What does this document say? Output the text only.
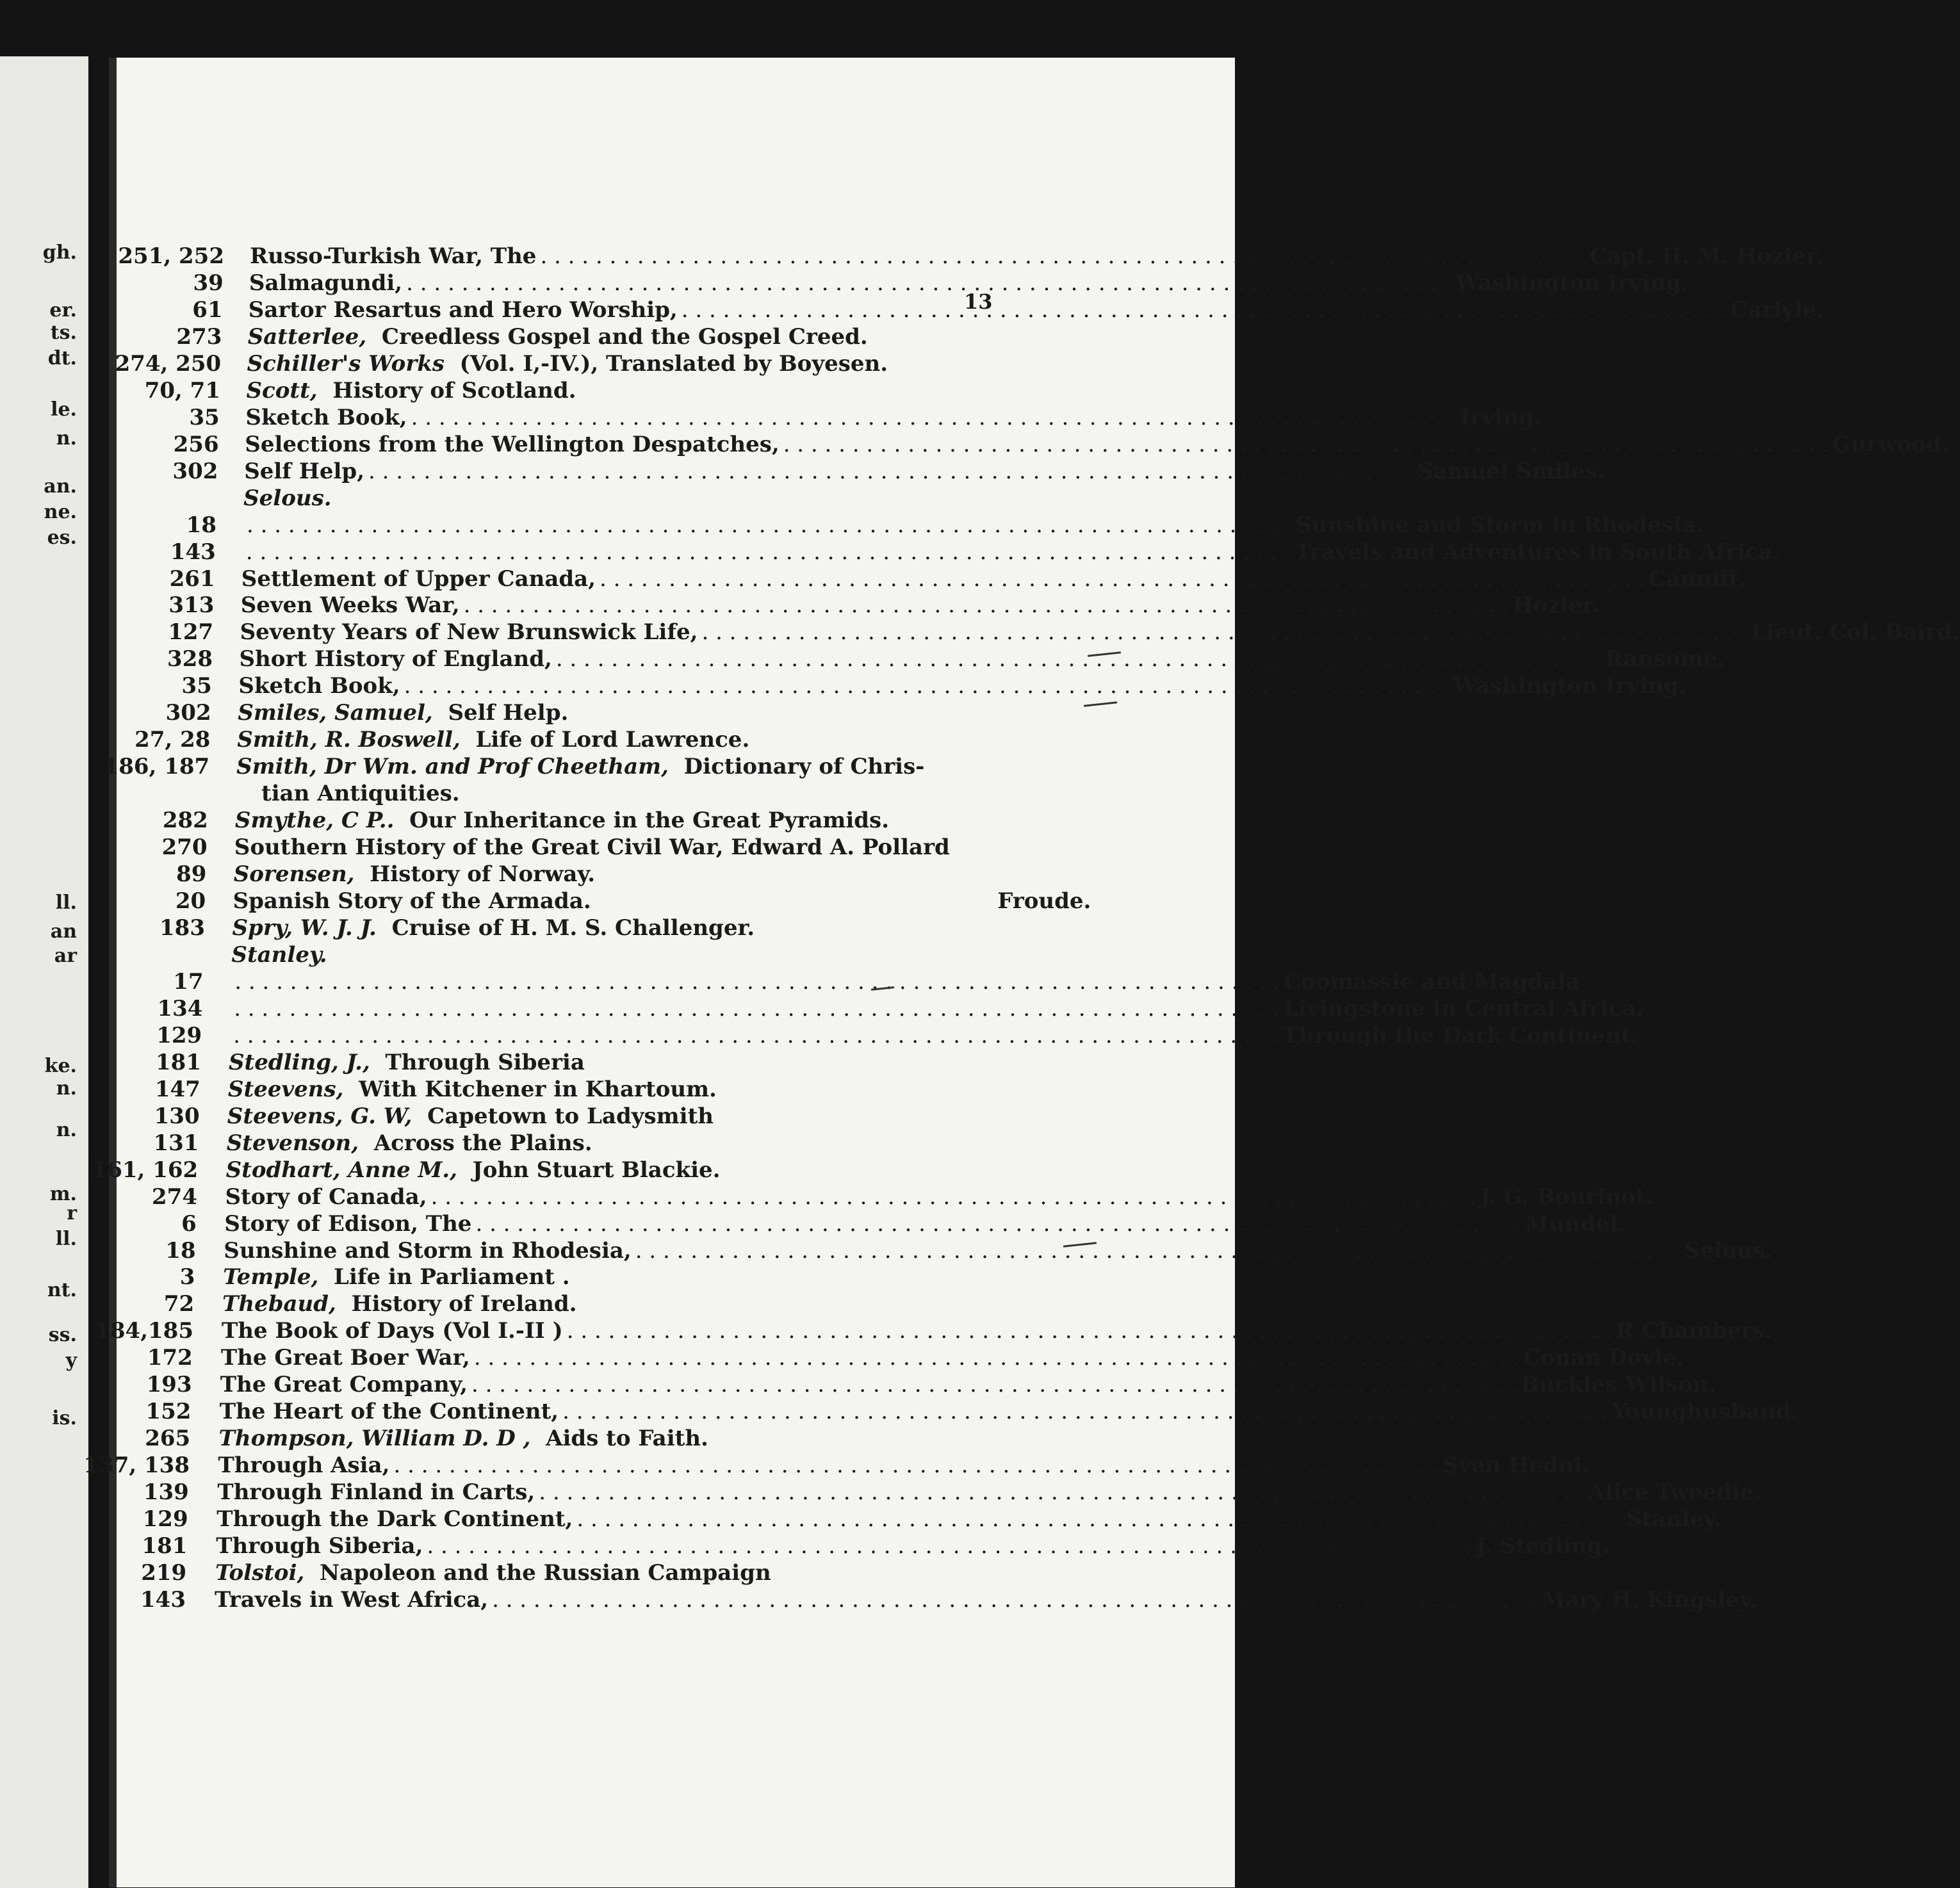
gh.
er.
ts.
dt.
le.
n.
an.
ne.
es.
ll.
an
ar
ke.
n.
n.
m.
r
ll.
nt.
ss.
y
is.
13
251, 252 Russo-Turkish War, The . . .	Capt. H. M. Hozier.
39 Salmagundi, . . .	Washington Irving.
61 Sartor Resartus and Hero Worship, . . .	Carlyle.
273 Satterlee, Creedless Gospel and the Gospel Creed.
274, 250 Schiller's Works (Vol. I,-IV.), Translated by Boyesen.
70, 71 Scott, History of Scotland.
35 Sketch Book, . . .	Irving.
256 Selections from the Wellington Despatches, . . .	Gurwood.
302 Self Help, . . .	Samuel Smiles.
Selous.
18 . . .	Sunshine and Storm in Rhodesia.
143 . . .	Travels and Adventures in South Africa.
261 Settlement of Upper Canada, . . .	Canniff.
313 Seven Weeks War, . . .	Hozier.
127 Seventy Years of New Brunswick Life, . . .	Lieut. Col. Baird.
328 Short History of England, . . .	Ransome.
35 Sketch Book, . . .	Washington Irving.
302 Smiles, Samuel, Self Help.
27, 28 Smith, R. Boswell, Life of Lord Lawrence.
186, 187 Smith, Dr Wm. and Prof Cheetham, Dictionary of Chris-
tian Antiquities.
282 Smythe, C P.. Our Inheritance in the Great Pyramids.
270 Southern History of the Great Civil War, Edward A. Pollard
89 Sorensen, History of Norway.
20 Spanish Story of the Armada.	Froude.
183 Spry, W. J. J. Cruise of H. M. S. Challenger.
Stanley.
17 . . .	Coomassie and Magdala
134 . . .	Livingstone in Central Africa.
129 . . .	Through the Dark Continent.
181 Stedling, J., Through Siberia
147 Steevens, With Kitchener in Khartoum.
130 Steevens, G. W, Capetown to Ladysmith
131 Stevenson, Across the Plains.
161, 162 Stodhart, Anne M., John Stuart Blackie.
274 Story of Canada, . . .	J. G. Bourinot.
6 Story of Edison, The . . .	Mundel.
18 Sunshine and Storm in Rhodesia, . . .	Selous.
3 Temple, Life in Parliament .
72 Thebaud, History of Ireland.
184,185 The Book of Days (Vol I.-II ) . . .	R Chambers.
172 The Great Boer War, . . .	Conan Doyle.
193 The Great Company, . . .	Buckles Wilson.
152 The Heart of the Continent, . . .	Younghusband.
265 Thompson, William D. D , Aids to Faith.
137, 138 Through Asia, . . .	Sven Hedni.
139 Through Finland in Carts, . . .	Alice Tweedie.
129 Through the Dark Continent, . . .	Stanley.
181 Through Siberia, . . .	J. Stedling.
219 Tolstoi, Napoleon and the Russian Campaign
143 Travels in West Africa, . . .	Mary H. Kingsley.
